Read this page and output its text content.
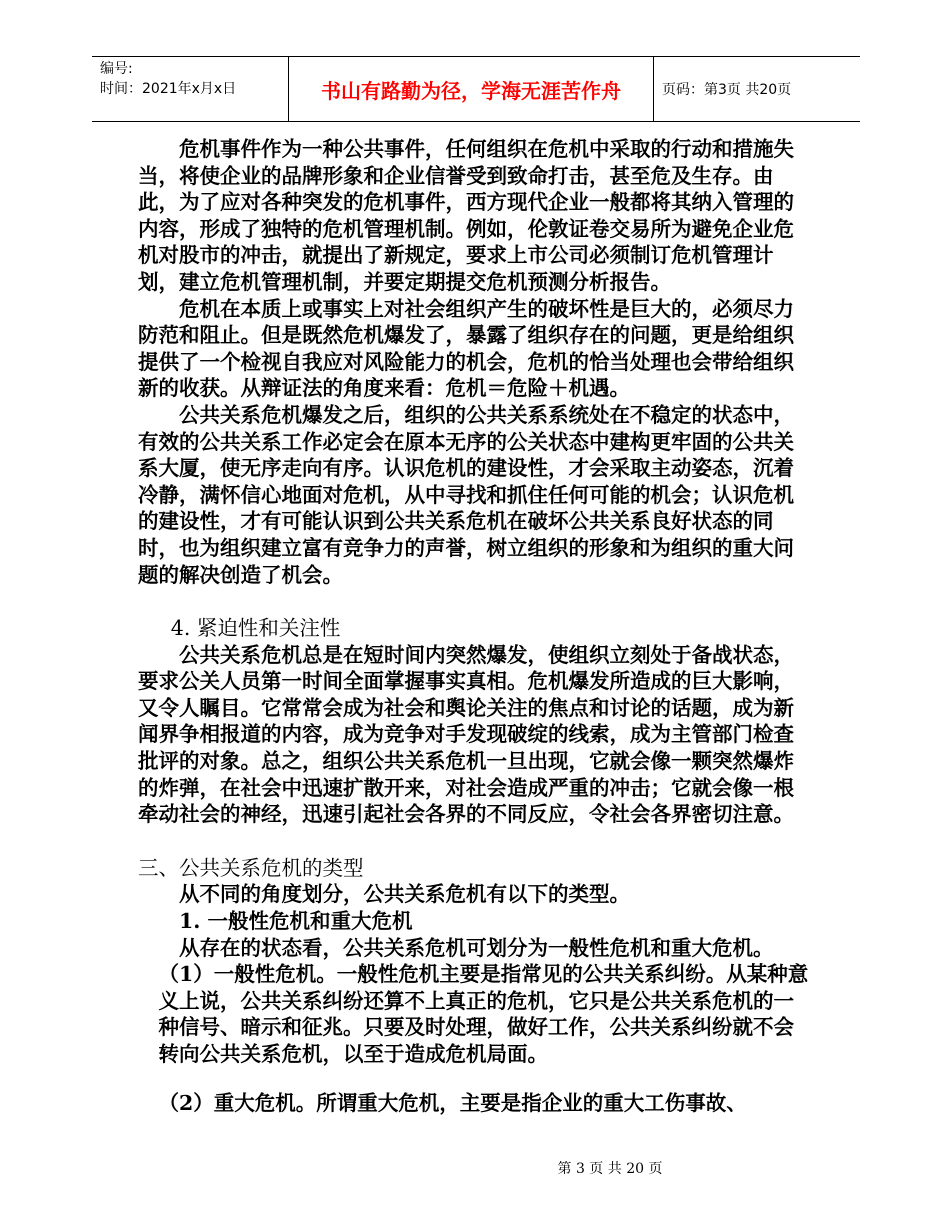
编号:
时间：2021年x月x日	书山有路勤为径，学海无涯苦作舟	页码：第3页 共20页

危机事件作为一种公共事件，任何组织在危机中采取的行动和措施失当，将使企业的品牌形象和企业信誉受到致命打击，甚至危及生存。由此，为了应对各种突发的危机事件，西方现代企业一般都将其纳入管理的内容，形成了独特的危机管理机制。例如，伦敦证卷交易所为避免企业危机对股市的冲击，就提出了新规定，要求上市公司必须制订危机管理计划，建立危机管理机制，并要定期提交危机预测分析报告。

危机在本质上或事实上对社会组织产生的破坏性是巨大的，必须尽力防范和阻止。但是既然危机爆发了，暴露了组织存在的问题，更是给组织提供了一个检视自我应对风险能力的机会，危机的恰当处理也会带给组织新的收获。从辩证法的角度来看：危机＝危险＋机遇。

公共关系危机爆发之后，组织的公共关系系统处在不稳定的状态中，有效的公共关系工作必定会在原本无序的公关状态中建构更牢固的公共关系大厦，使无序走向有序。认识危机的建设性，才会采取主动姿态，沉着冷静，满怀信心地面对危机，从中寻找和抓住任何可能的机会；认识危机的建设性，才有可能认识到公共关系危机在破坏公共关系良好状态的同时，也为组织建立富有竞争力的声誉，树立组织的形象和为组织的重大问题的解决创造了机会。

4. 紧迫性和关注性

公共关系危机总是在短时间内突然爆发，使组织立刻处于备战状态，要求公关人员第一时间全面掌握事实真相。危机爆发所造成的巨大影响，又令人瞩目。它常常会成为社会和舆论关注的焦点和讨论的话题，成为新闻界争相报道的内容，成为竞争对手发现破绽的线索，成为主管部门检查批评的对象。总之，组织公共关系危机一旦出现，它就会像一颗突然爆炸的炸弹，在社会中迅速扩散开来，对社会造成严重的冲击；它就会像一根牵动社会的神经，迅速引起社会各界的不同反应，令社会各界密切注意。

三、公共关系危机的类型

从不同的角度划分，公共关系危机有以下的类型。

1. 一般性危机和重大危机

从存在的状态看，公共关系危机可划分为一般性危机和重大危机。

（1）一般性危机。一般性危机主要是指常见的公共关系纠纷。从某种意义上说，公共关系纠纷还算不上真正的危机，它只是公共关系危机的一种信号、暗示和征兆。只要及时处理，做好工作，公共关系纠纷就不会转向公共关系危机，以至于造成危机局面。

（2）重大危机。所谓重大危机，主要是指企业的重大工伤事故、

第 3 页 共 20 页
